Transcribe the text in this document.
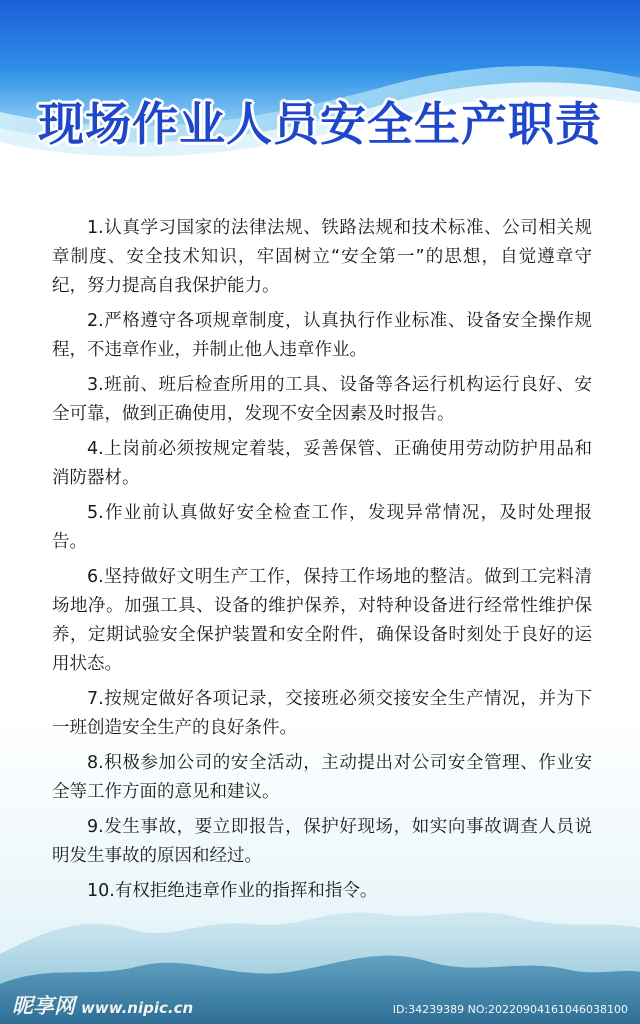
现场作业人员安全生产职责

1.认真学习国家的法律法规、铁路法规和技术标准、公司相关规章制度、安全技术知识，牢固树立“安全第一”的思想，自觉遵章守纪，努力提高自我保护能力。

2.严格遵守各项规章制度，认真执行作业标准、设备安全操作规程，不违章作业，并制止他人违章作业。

3.班前、班后检查所用的工具、设备等各运行机构运行良好、安全可靠，做到正确使用，发现不安全因素及时报告。

4.上岗前必须按规定着装，妥善保管、正确使用劳动防护用品和消防器材。

5.作业前认真做好安全检查工作，发现异常情况，及时处理报告。

6.坚持做好文明生产工作，保持工作场地的整洁。做到工完料清场地净。加强工具、设备的维护保养，对特种设备进行经常性维护保养，定期试验安全保护装置和安全附件，确保设备时刻处于良好的运用状态。

7.按规定做好各项记录，交接班必须交接安全生产情况，并为下一班创造安全生产的良好条件。

8.积极参加公司的安全活动，主动提出对公司安全管理、作业安全等工作方面的意见和建议。

9.发生事故，要立即报告，保护好现场，如实向事故调查人员说明发生事故的原因和经过。

10.有权拒绝违章作业的指挥和指令。

昵享网 www.nipic.cn	ID:34239389 NO:20220904161046038100
